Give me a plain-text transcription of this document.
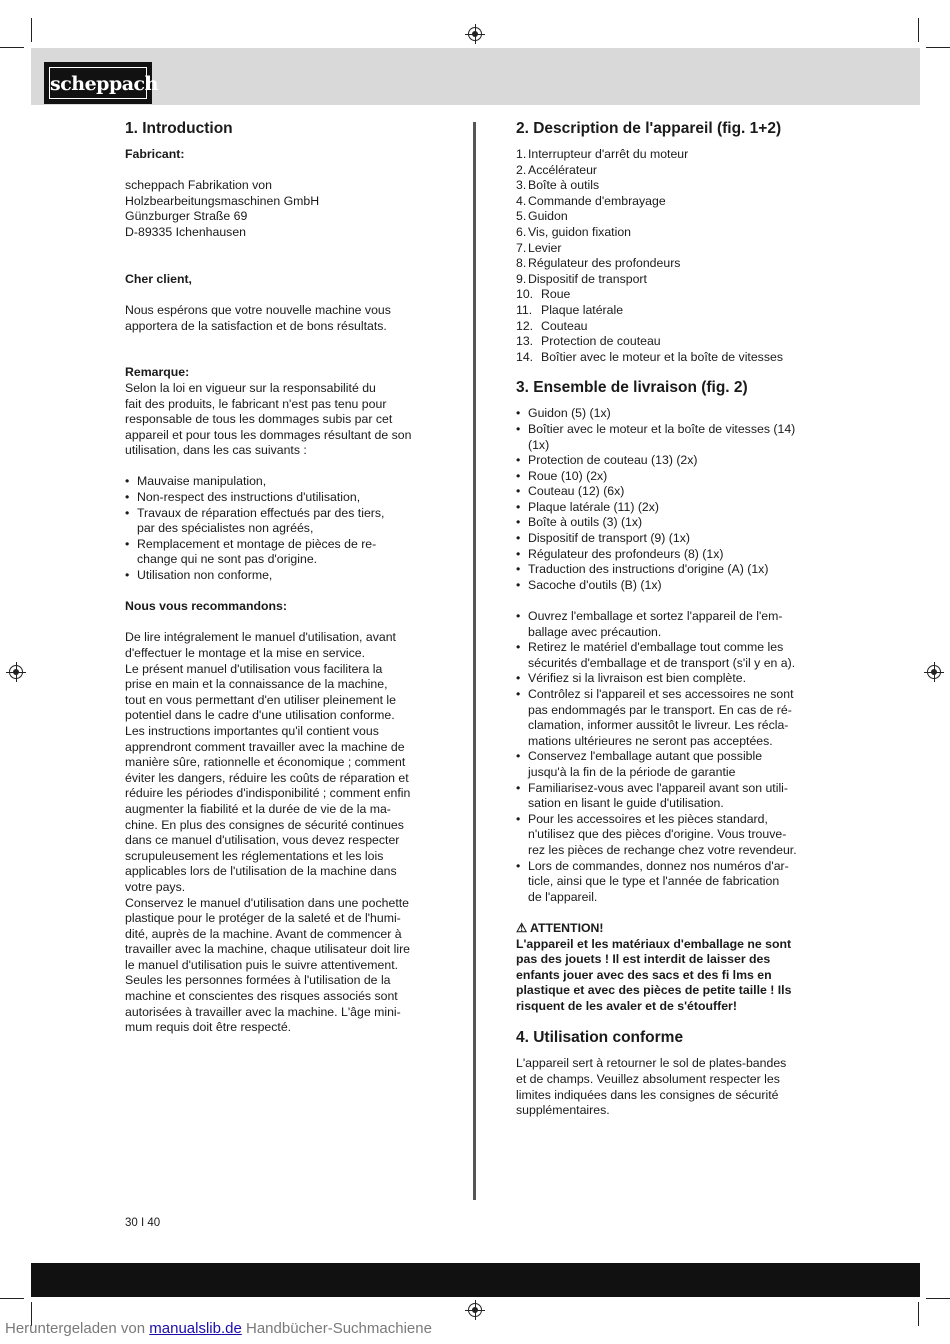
scheppach
1. Introduction

Fabricant:

scheppach Fabrikation von

Holzbearbeitungsmaschinen GmbH

Günzburger Straße 69

D-89335 Ichenhausen

Cher client,

Nous espérons que votre nouvelle machine vous

apportera de la satisfaction et de bons résultats.

Remarque:

Selon la loi en vigueur sur la responsabilité du

fait des produits, le fabricant n'est pas tenu pour

responsable de tous les dommages subis par cet

appareil et pour tous les dommages résultant de son

utilisation, dans les cas suivants :

• Mauvaise manipulation,
• Non-respect des instructions d'utilisation,
• Travaux de réparation effectués par des tiers,
par des spécialistes non agréés,
• Remplacement et montage de pièces de re-
change qui ne sont pas d'origine.
• Utilisation non conforme,

Nous vous recommandons:

De lire intégralement le manuel d'utilisation, avant

d'effectuer le montage et la mise en service.

Le présent manuel d'utilisation vous facilitera la

prise en main et la connaissance de la machine,

tout en vous permettant d'en utiliser pleinement le

potentiel dans le cadre d'une utilisation conforme.

Les instructions importantes qu'il contient vous

apprendront comment travailler avec la machine de

manière sûre, rationnelle et économique ; comment

éviter les dangers, réduire les coûts de réparation et

réduire les périodes d'indisponibilité ; comment enfin

augmenter la fiabilité et la durée de vie de la ma-

chine. En plus des consignes de sécurité continues

dans ce manuel d'utilisation, vous devez respecter

scrupuleusement les réglementations et les lois

applicables lors de l'utilisation de la machine dans

votre pays.

Conservez le manuel d'utilisation dans une pochette

plastique pour le protéger de la saleté et de l'humi-

dité, auprès de la machine. Avant de commencer à

travailler avec la machine, chaque utilisateur doit lire

le manuel d'utilisation puis le suivre attentivement.

Seules les personnes formées à l'utilisation de la

machine et conscientes des risques associés sont

autorisées à travailler avec la machine. L'âge mini-

mum requis doit être respecté.

2. Description de l'appareil (fig. 1+2)
1. Interrupteur d'arrêt du moteur
2. Accélérateur
3. Boîte à outils
4. Commande d'embrayage
5. Guidon
6. Vis, guidon fixation
7. Levier
8. Régulateur des profondeurs
9. Dispositif de transport
10. Roue
11. Plaque latérale
12. Couteau
13. Protection de couteau
14. Boîtier avec le moteur et la boîte de vitesses
3. Ensemble de livraison (fig. 2)
• Guidon (5) (1x)
• Boîtier avec le moteur et la boîte de vitesses (14)
(1x)
• Protection de couteau (13) (2x)
• Roue (10) (2x)
• Couteau (12) (6x)
• Plaque latérale (11) (2x)
• Boîte à outils (3) (1x)
• Dispositif de transport (9) (1x)
• Régulateur des profondeurs (8) (1x)
• Traduction des instructions d'origine (A) (1x)
• Sacoche d'outils (B) (1x)
• Ouvrez l'emballage et sortez l'appareil de l'em-
ballage avec précaution.
• Retirez le matériel d'emballage tout comme les
sécurités d'emballage et de transport (s'il y en a).
• Vérifiez si la livraison est bien complète.
• Contrôlez si l'appareil et ses accessoires ne sont
pas endommagés par le transport. En cas de ré-
clamation, informer aussitôt le livreur. Les récla-
mations ultérieures ne seront pas acceptées.
• Conservez l'emballage autant que possible
jusqu'à la fin de la période de garantie
• Familiarisez-vous avec l'appareil avant son utili-
sation en lisant le guide d'utilisation.
• Pour les accessoires et les pièces standard,
n'utilisez que des pièces d'origine. Vous trouve-
rez les pièces de rechange chez votre revendeur.
• Lors de commandes, donnez nos numéros d'ar-
ticle, ainsi que le type et l'année de fabrication
de l'appareil.

⚠ ATTENTION!

L'appareil et les matériaux d'emballage ne sont

pas des jouets ! Il est interdit de laisser des

enfants jouer avec des sacs et des fi lms en

plastique et avec des pièces de petite taille ! Ils

risquent de les avaler et de s'étouffer!

4. Utilisation conforme

L'appareil sert à retourner le sol de plates-bandes

et de champs. Veuillez absolument respecter les

limites indiquées dans les consignes de sécurité

supplémentaires.

30 I 40
Heruntergeladen von manualslib.de Handbücher-Suchmachiene
